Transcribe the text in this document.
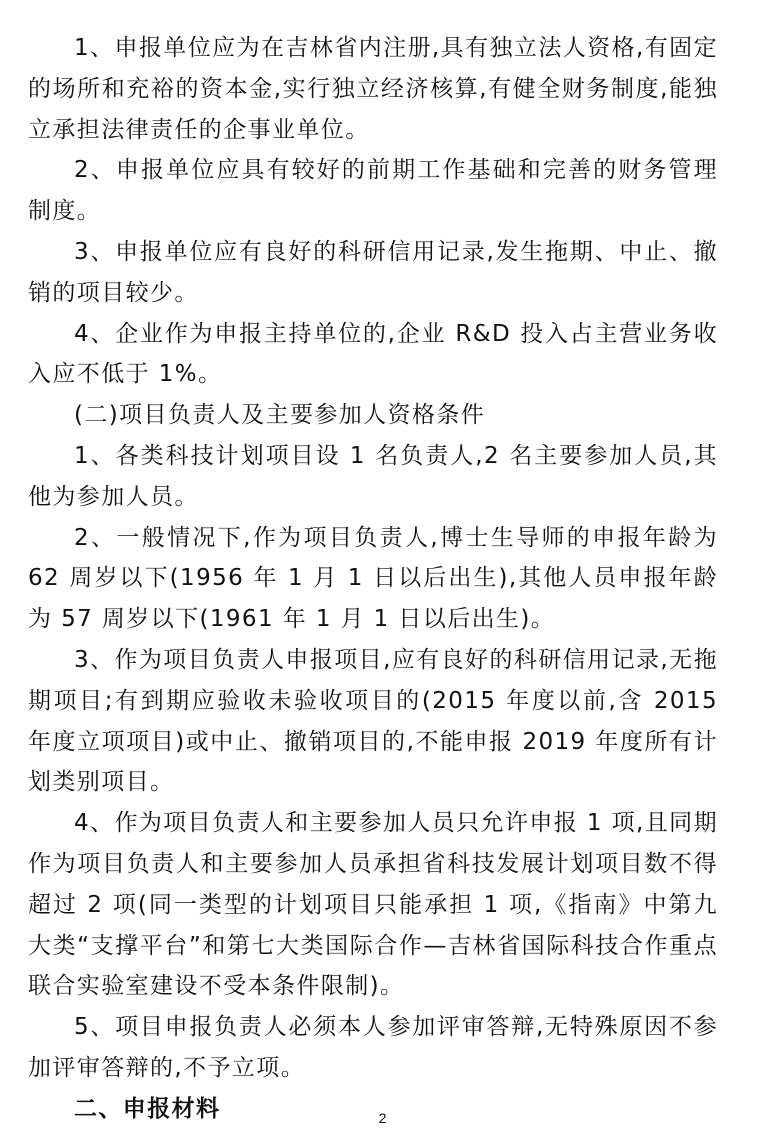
1、申报单位应为在吉林省内注册,具有独立法人资格,有固定的场所和充裕的资本金,实行独立经济核算,有健全财务制度,能独立承担法律责任的企事业单位。

2、申报单位应具有较好的前期工作基础和完善的财务管理制度。

3、申报单位应有良好的科研信用记录,发生拖期、中止、撤销的项目较少。

4、企业作为申报主持单位的,企业 R&D 投入占主营业务收入应不低于 1%。

(二)项目负责人及主要参加人资格条件

1、各类科技计划项目设 1 名负责人,2 名主要参加人员,其他为参加人员。

2、一般情况下,作为项目负责人,博士生导师的申报年龄为 62 周岁以下(1956 年 1 月 1 日以后出生),其他人员申报年龄为 57 周岁以下(1961 年 1 月 1 日以后出生)。

3、作为项目负责人申报项目,应有良好的科研信用记录,无拖期项目;有到期应验收未验收项目的(2015 年度以前,含 2015 年度立项项目)或中止、撤销项目的,不能申报 2019 年度所有计划类别项目。

4、作为项目负责人和主要参加人员只允许申报 1 项,且同期作为项目负责人和主要参加人员承担省科技发展计划项目数不得超过 2 项(同一类型的计划项目只能承担 1 项,《指南》中第九大类“支撑平台”和第七大类国际合作—吉林省国际科技合作重点联合实验室建设不受本条件限制)。

5、项目申报负责人必须本人参加评审答辩,无特殊原因不参加评审答辩的,不予立项。

二、申报材料	2
